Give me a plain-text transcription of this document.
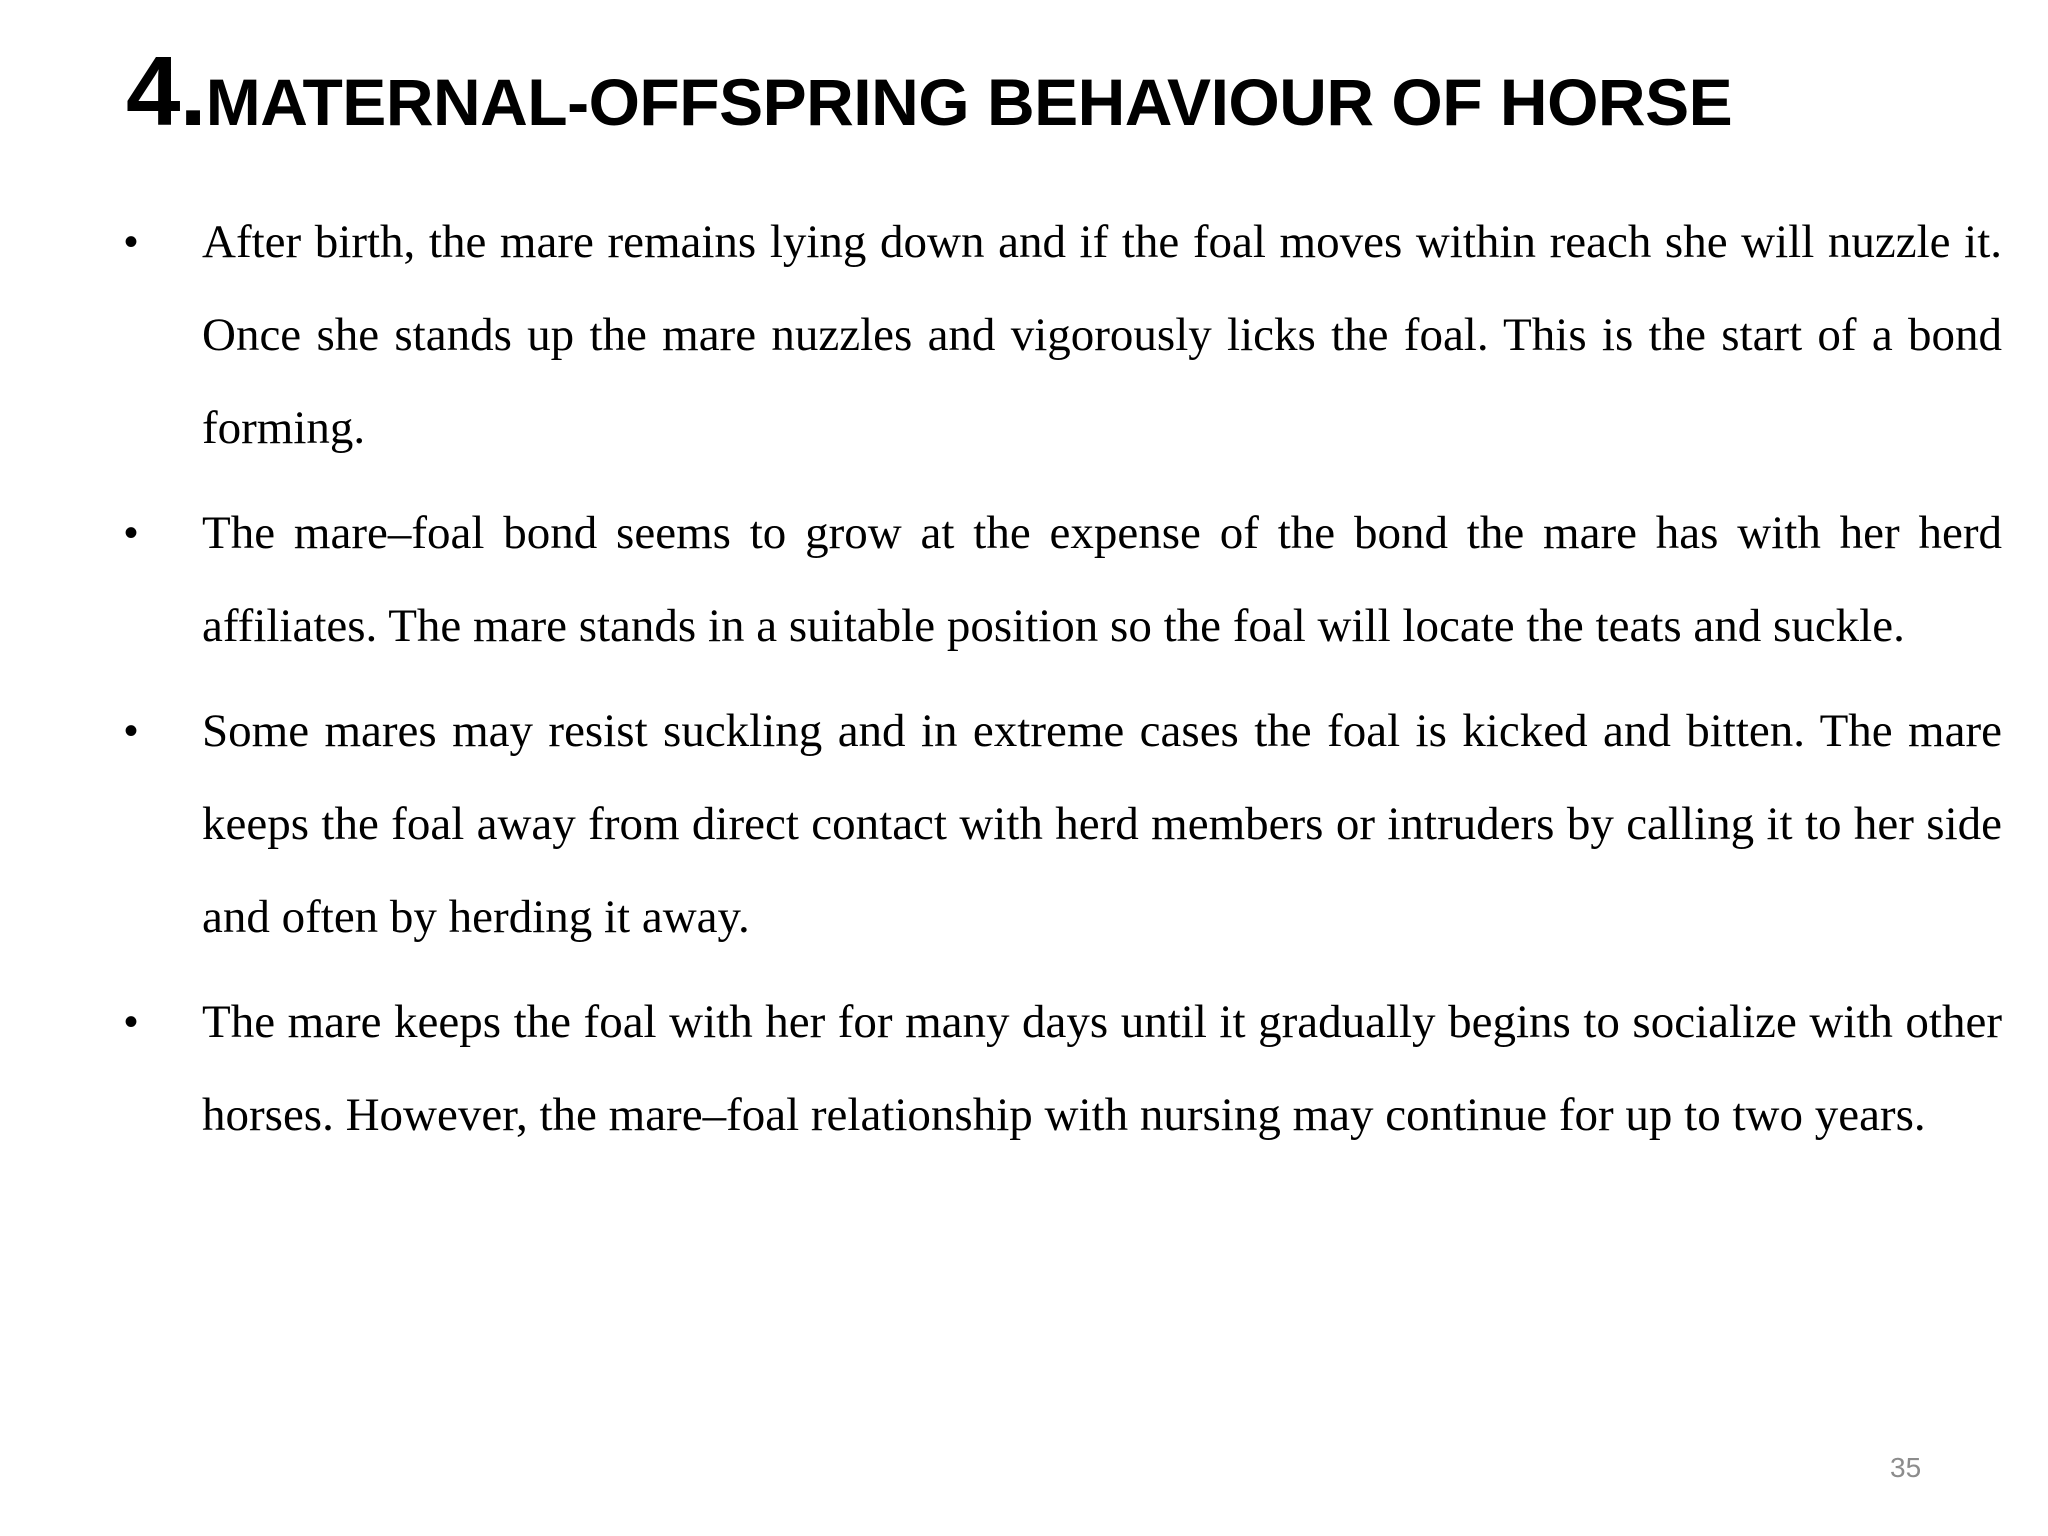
4.MATERNAL-OFFSPRING BEHAVIOUR OF HORSE
• After birth, the mare remains lying down and if the foal moves within reach she will nuzzle it. Once she stands up the mare nuzzles and vigorously licks the foal. This is the start of a bond forming.
• The mare–foal bond seems to grow at the expense of the bond the mare has with her herd affiliates. The mare stands in a suitable position so the foal will locate the teats and suckle.
• Some mares may resist suckling and in extreme cases the foal is kicked and bitten. The mare keeps the foal away from direct contact with herd members or intruders by calling it to her side and often by herding it away.
• The mare keeps the foal with her for many days until it gradually begins to socialize with other horses. However, the mare–foal relationship with nursing may continue for up to two years.
35
